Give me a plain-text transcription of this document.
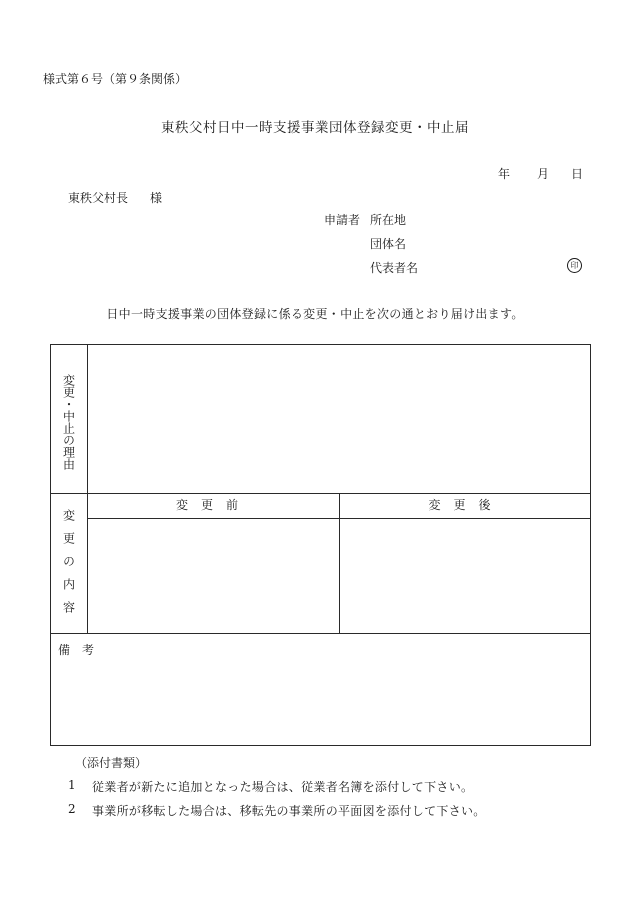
様式第６号（第９条関係）
東秩父村日中一時支援事業団体登録変更・中止届
年 月 日
東秩父村長 様
申請者 所在地
団体名
代表者名	印
日中一時支援事業の団体登録に係る変更・中止を次の通とおり届け出ます。
変更・中止の理由
変更の内容
変更前	変更後
備考
（添付書類）
1 従業者が新たに追加となった場合は、従業者名簿を添付して下さい。
2 事業所が移転した場合は、移転先の事業所の平面図を添付して下さい。
